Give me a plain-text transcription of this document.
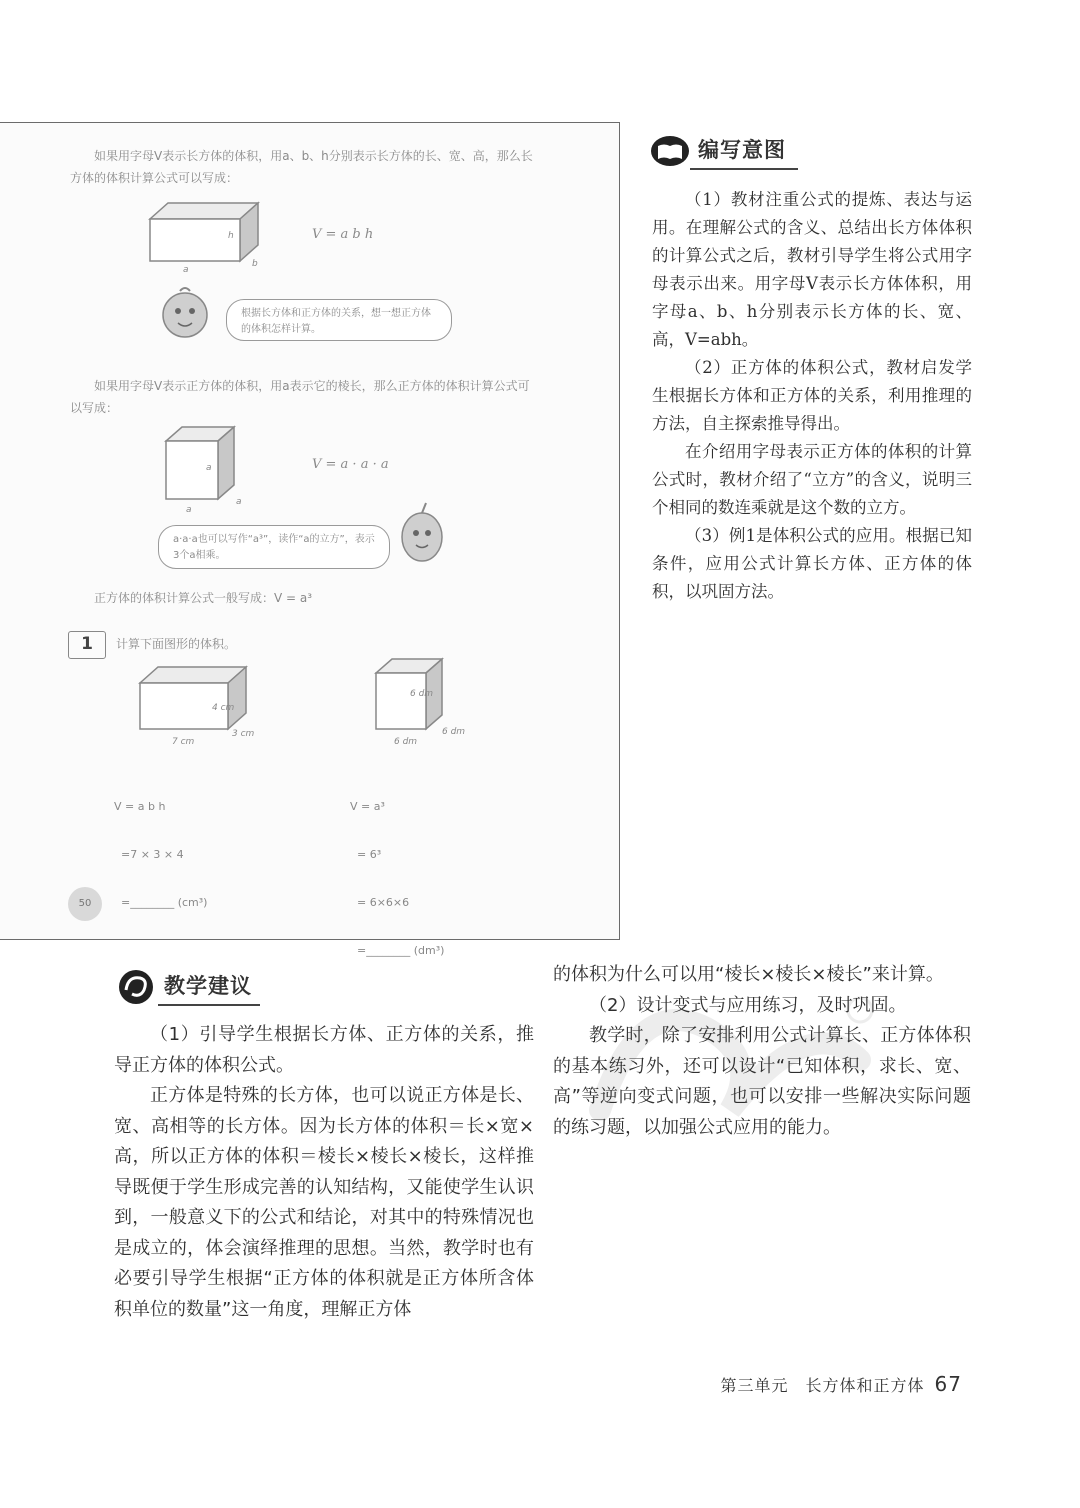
如果用字母V表示长方体的体积，用a、b、h分别表示长方体的长、宽、高，那么长方体的体积计算公式可以写成：
h
a
b
V = a b h
根据长方体和正方体的关系，想一想正方体的体积怎样计算。
如果用字母V表示正方体的体积，用a表示它的棱长，那么正方体的体积计算公式可以写成：
a
a
a
V = a · a · a
a·a·a也可以写作“a³”，读作“a的立方”，表示3个a相乘。
正方体的体积计算公式一般写成：V = a³
1	计算下面图形的体积。
7 cm
3 cm
4 cm
6 dm
6 dm
6 dm

V = a b h

=7 × 3 × 4

=________ (cm³)

V = a³

= 6³

= 6×6×6

=________ (dm³)

50
编写意图

（1）教材注重公式的提炼、表达与运用。在理解公式的含义、总结出长方体体积的计算公式之后，教材引导学生将公式用字母表示出来。用字母V表示长方体体积，用字母a、b、h分别表示长方体的长、宽、高，V=abh。

（2）正方体的体积公式，教材启发学生根据长方体和正方体的关系，利用推理的方法，自主探索推导得出。

在介绍用字母表示正方体的体积的计算公式时，教材介绍了“立方”的含义，说明三个相同的数连乘就是这个数的立方。

（3）例1是体积公式的应用。根据已知条件，应用公式计算长方体、正方体的体积，以巩固方法。

教学建议

（1）引导学生根据长方体、正方体的关系，推导正方体的体积公式。

正方体是特殊的长方体，也可以说正方体是长、宽、高相等的长方体。因为长方体的体积＝长×宽×高，所以正方体的体积＝棱长×棱长×棱长，这样推导既便于学生形成完善的认知结构，又能使学生认识到，一般意义下的公式和结论，对其中的特殊情况也是成立的，体会演绎推理的思想。当然，教学时也有必要引导学生根据“正方体的体积就是正方体所含体积单位的数量”这一角度，理解正方体

的体积为什么可以用“棱长×棱长×棱长”来计算。

（2）设计变式与应用练习，及时巩固。

教学时，除了安排利用公式计算长、正方体体积的基本练习外，还可以设计“已知体积，求长、宽、高”等逆向变式问题，也可以安排一些解决实际问题的练习题，以加强公式应用的能力。

第三单元　长方体和正方体 67
